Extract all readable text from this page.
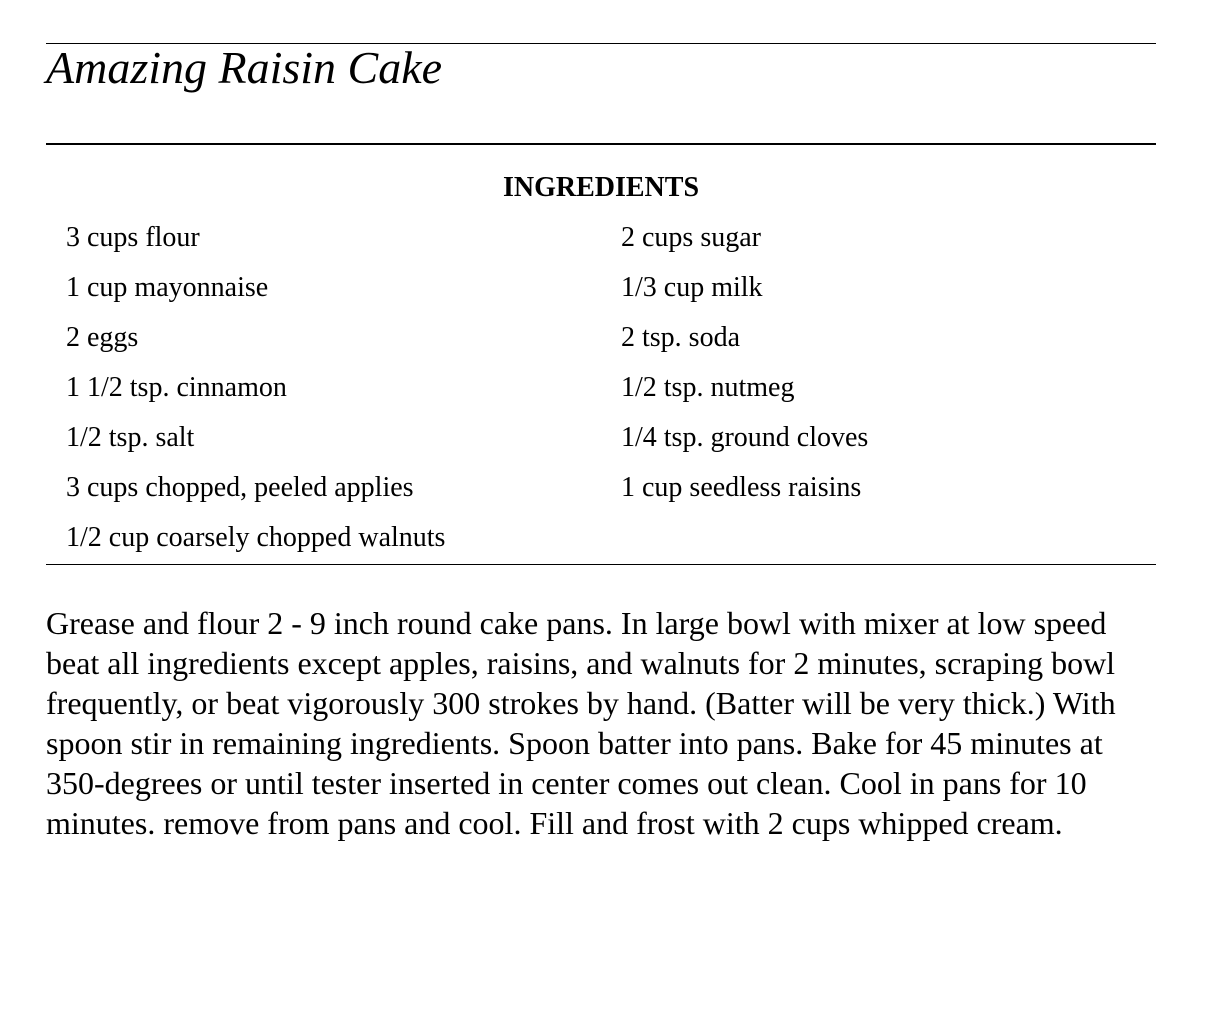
Amazing Raisin Cake
INGREDIENTS
3 cups flour	2 cups sugar
1 cup mayonnaise	1/3 cup milk
2 eggs	2 tsp. soda
1 1/2 tsp. cinnamon	1/2 tsp. nutmeg
1/2 tsp. salt	1/4 tsp. ground cloves
3 cups chopped, peeled applies	1 cup seedless raisins
1/2 cup coarsely chopped walnuts

Grease and flour 2 - 9 inch round cake pans. In large bowl with mixer at low speed beat all ingredients except apples, raisins, and walnuts for 2 minutes, scraping bowl frequently, or beat vigorously 300 strokes by hand. (Batter will be very thick.) With spoon stir in remaining ingredients. Spoon batter into pans. Bake for 45 minutes at 350-degrees or until tester inserted in center comes out clean. Cool in pans for 10 minutes. remove from pans and cool. Fill and frost with 2 cups whipped cream.
